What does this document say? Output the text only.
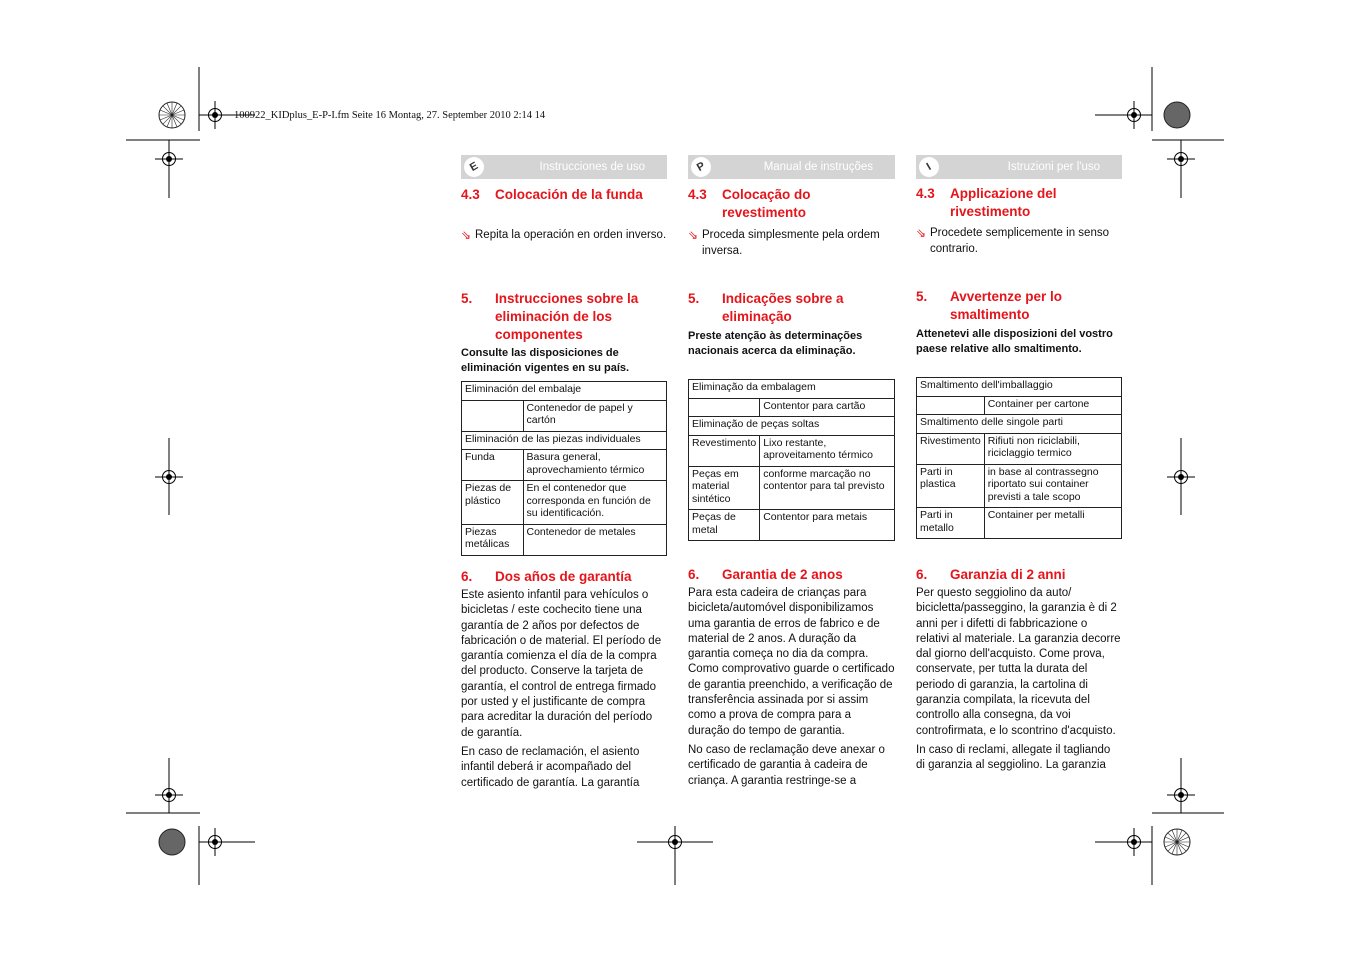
100922_KIDplus_E-P-I.fm Seite 16 Montag, 27. September 2010 2:14 14
E	Instrucciones de uso
4.3	Colocación de la funda
⇘ Repita la operación en orden inverso.
5.	Instrucciones sobre la eliminación de los componentes
Consulte las disposiciones de eliminación vigentes en su país.
Eliminación del embalaje	
	Contenedor de papel y cartón
Eliminación de las piezas individuales	
Funda	Basura general, aprovechamiento térmico
Piezas de plástico	En el contenedor que corresponda en función de su identificación.
Piezas metálicas	Contenedor de metales
6.	Dos años de garantía

Este asiento infantil para vehículos o bicicletas / este cochecito tiene una garantía de 2 años por defectos de fabricación o de material. El período de garantía comienza el día de la compra del producto. Conserve la tarjeta de garantía, el control de entrega firmado por usted y el justificante de compra para acreditar la duración del período de garantía.

En caso de reclamación, el asiento infantil deberá ir acompañado del certificado de garantía. La garantía

P	Manual de instruções
4.3	Colocação do revestimento
⇘ Proceda simplesmente pela ordem inversa.
5.	Indicações sobre a eliminação
Preste atenção às determinações nacionais acerca da eliminação.
Eliminação da embalagem	
	Contentor para cartão
Eliminação de peças soltas	
Revestimento	Lixo restante, aproveitamento térmico
Peças em material sintético	conforme marcação no contentor para tal previsto
Peças de metal	Contentor para metais
6.	Garantia de 2 anos

Para esta cadeira de crianças para bicicleta/automóvel disponibilizamos uma garantia de erros de fabrico e de material de 2 anos. A duração da garantia começa no dia da compra. Como comprovativo guarde o certificado de garantia preenchido, a verificação de transferência assinada por si assim como a prova de compra para a duração do tempo de garantia.

No caso de reclamação deve anexar o certificado de garantia à cadeira de criança. A garantia restringe-se a

I	Istruzioni per l'uso
4.3	Applicazione del rivestimento
⇘ Procedete semplicemente in senso contrario.
5.	Avvertenze per lo smaltimento
Attenetevi alle disposizioni del vostro paese relative allo smaltimento.
Smaltimento dell'imballaggio	
	Container per cartone
Smaltimento delle singole parti	
Rivestimento	Rifiuti non riciclabili, riciclaggio termico
Parti in plastica	in base al contrassegno riportato sui container previsti a tale scopo
Parti in metallo	Container per metalli
6.	Garanzia di 2 anni

Per questo seggiolino da auto/ bicicletta/passeggino, la garanzia è di 2 anni per i difetti di fabbricazione o relativi al materiale. La garanzia decorre dal giorno dell'acquisto. Come prova, conservate, per tutta la durata del periodo di garanzia, la cartolina di garanzia compilata, la ricevuta del controllo alla consegna, da voi controfirmata, e lo scontrino d'acquisto.

In caso di reclami, allegate il tagliando di garanzia al seggiolino. La garanzia
